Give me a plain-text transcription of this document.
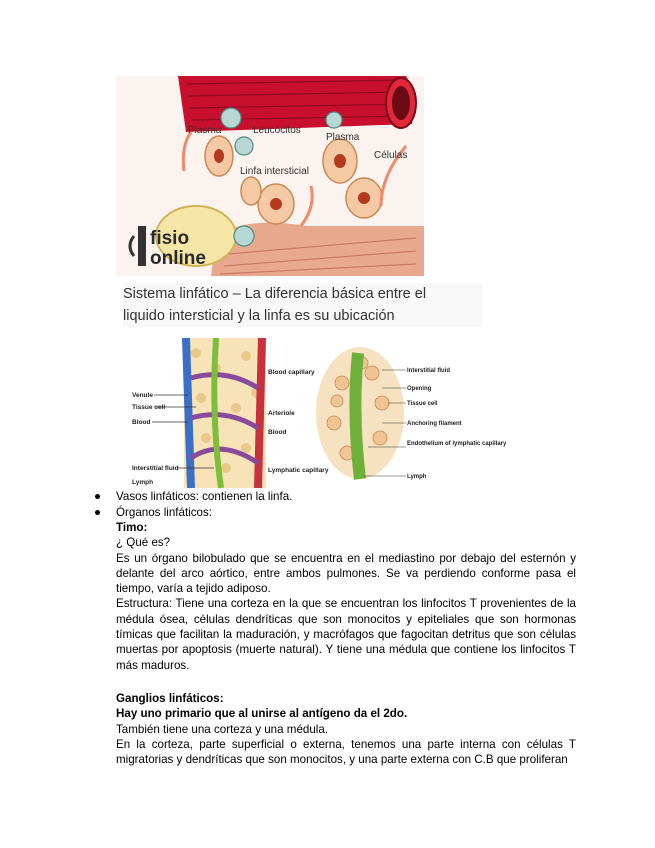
fisio
online
Plasma	Leucócitos
Plasma
Células
Linfa intersticial
Sistema linfático – La diferencia básica entre el
liquido intersticial y la linfa es su ubicación
Venule
Tissue cell
Blood
Interstitial fluid
Lymph
Blood capillary
Arteriole
Blood
Lymphatic capillary
Interstitial fluid
Opening
Tissue cell
Anchoring filament
Endothelium of lymphatic capillary
Lymph
Vasos linfáticos: contienen la linfa.
Órganos linfáticos:

Timo:

¿ Qué es?

Es un órgano bilobulado que se encuentra en el mediastino por debajo del esternón y delante del arco aórtico, entre ambos pulmones. Se va perdiendo conforme pasa el tiempo, varía a tejido adiposo.

Estructura: Tiene una corteza en la que se encuentran los linfocitos T provenientes de la médula ósea, células dendríticas que son monocitos y epiteliales que son hormonas tímicas que facilitan la maduración, y macrófagos que fagocitan detritus que son células muertas por apoptosis (muerte natural). Y tiene una médula que contiene los linfocitos T más maduros.

Ganglios linfáticos:

Hay uno primario que al unirse al antígeno da el 2do.

También tiene una corteza y una médula.

En la corteza, parte superficial o externa, tenemos una parte interna con células T migratorias y dendríticas que son monocitos, y una parte externa con C.B que proliferan
